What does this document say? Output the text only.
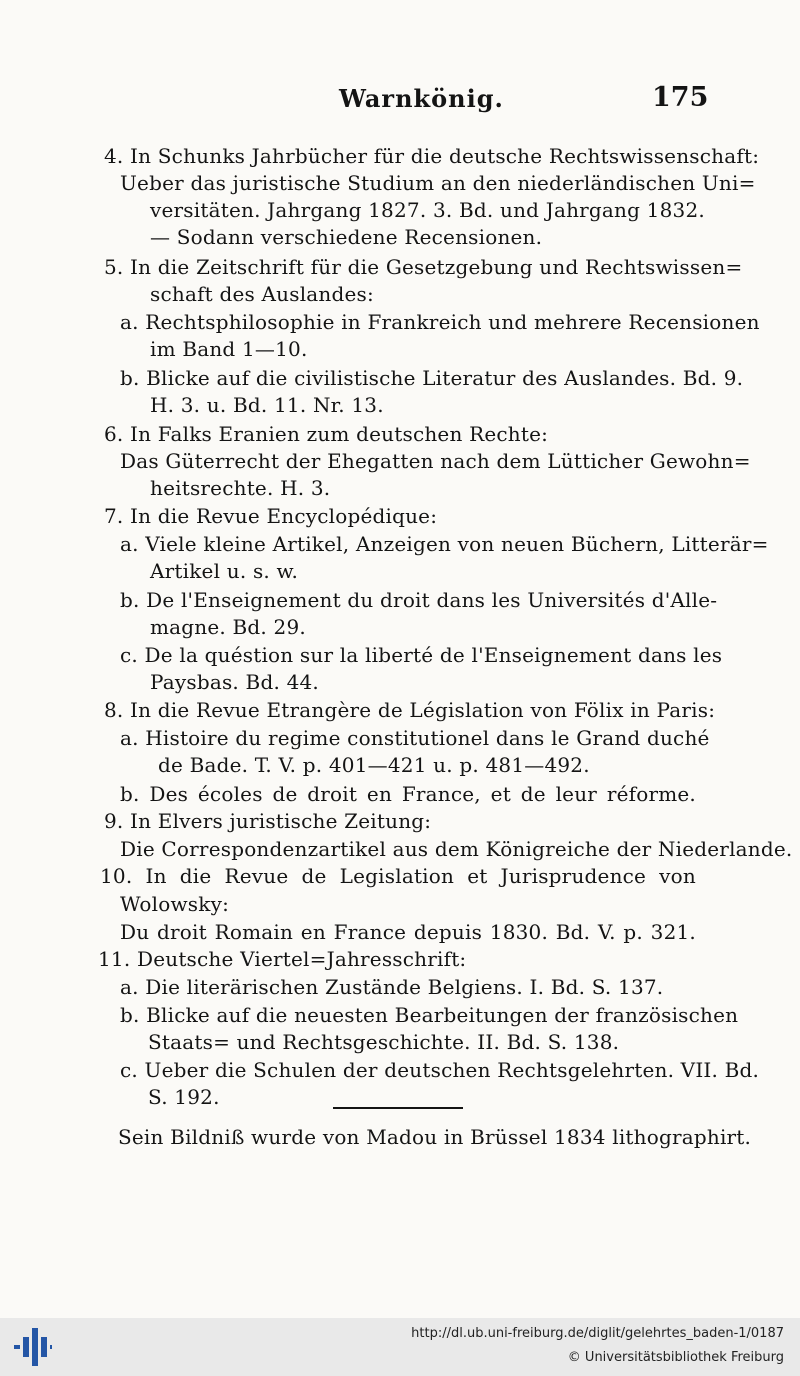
Warnkönig.	175
4. In Schunks Jahrbücher für die deutsche Rechtswissenschaft:
Ueber das juristische Studium an den niederländischen Uni=
versitäten. Jahrgang 1827. 3. Bd. und Jahrgang 1832.
— Sodann verschiedene Recensionen.
5. In die Zeitschrift für die Gesetzgebung und Rechtswissen=
schaft des Auslandes:
a. Rechtsphilosophie in Frankreich und mehrere Recensionen
im Band 1—10.
b. Blicke auf die civilistische Literatur des Auslandes. Bd. 9.
H. 3. u. Bd. 11. Nr. 13.
6. In Falks Eranien zum deutschen Rechte:
Das Güterrecht der Ehegatten nach dem Lütticher Gewohn=
heitsrechte. H. 3.
7. In die Revue Encyclopédique:
a. Viele kleine Artikel, Anzeigen von neuen Büchern, Litterär=
Artikel u. s. w.
b. De l'Enseignement du droit dans les Universités d'Alle-
magne. Bd. 29.
c. De la quéstion sur la liberté de l'Enseignement dans les
Paysbas. Bd. 44.
8. In die Revue Etrangère de Législation von Fölix in Paris:
a. Histoire du regime constitutionel dans le Grand duché
de Bade. T. V. p. 401—421 u. p. 481—492.
b. Des écoles de droit en France, et de leur réforme.
9. In Elvers juristische Zeitung:
Die Correspondenzartikel aus dem Königreiche der Niederlande.
10. In die Revue de Legislation et Jurisprudence von
Wolowsky:
Du droit Romain en France depuis 1830. Bd. V. p. 321.
11. Deutsche Viertel=Jahresschrift:
a. Die literärischen Zustände Belgiens. I. Bd. S. 137.
b. Blicke auf die neuesten Bearbeitungen der französischen
Staats= und Rechtsgeschichte. II. Bd. S. 138.
c. Ueber die Schulen der deutschen Rechtsgelehrten. VII. Bd.
S. 192.
Sein Bildniß wurde von Madou in Brüssel 1834 lithographirt.
http://dl.ub.uni-freiburg.de/diglit/gelehrtes_baden-1/0187
© Universitätsbibliothek Freiburg
